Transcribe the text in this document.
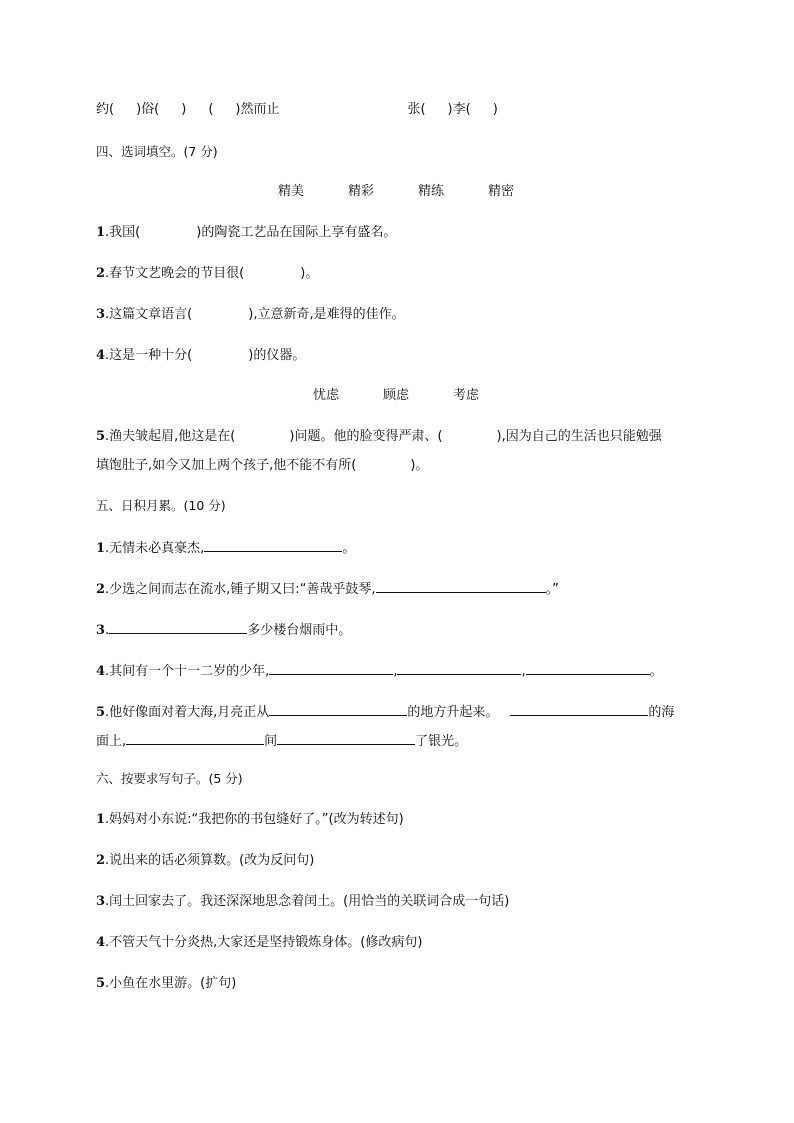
约( )俗( ) ( )然而止	张( )李( )
四、选词填空。(7 分)
精美	精彩	精练	精密
1.我国(	)的陶瓷工艺品在国际上享有盛名。
2.春节文艺晚会的节目很(	)。
3.这篇文章语言(	),立意新奇,是难得的佳作。
4.这是一种十分(	)的仪器。
忧虑	顾虑	考虑
5.渔夫皱起眉,他这是在(	)问题。他的脸变得严肃、(	),因为自己的生活也只能勉强
填饱肚子,如今又加上两个孩子,他不能不有所(	)。
五、日积月累。(10 分)
1.无情未必真豪杰,	。
2.少选之间而志在流水,锺子期又曰:“善哉乎鼓琴,	。”
3.	多少楼台烟雨中。
4.其间有一个十一二岁的少年,	,	,	。
5.他好像面对着大海,月亮正从	的地方升起来。	的海
面上,	间	了银光。
六、按要求写句子。(5 分)
1.妈妈对小东说:“我把你的书包缝好了。”(改为转述句)
2.说出来的话必须算数。(改为反问句)
3.闰土回家去了。我还深深地思念着闰土。(用恰当的关联词合成一句话)
4.不管天气十分炎热,大家还是坚持锻炼身体。(修改病句)
5.小鱼在水里游。(扩句)
